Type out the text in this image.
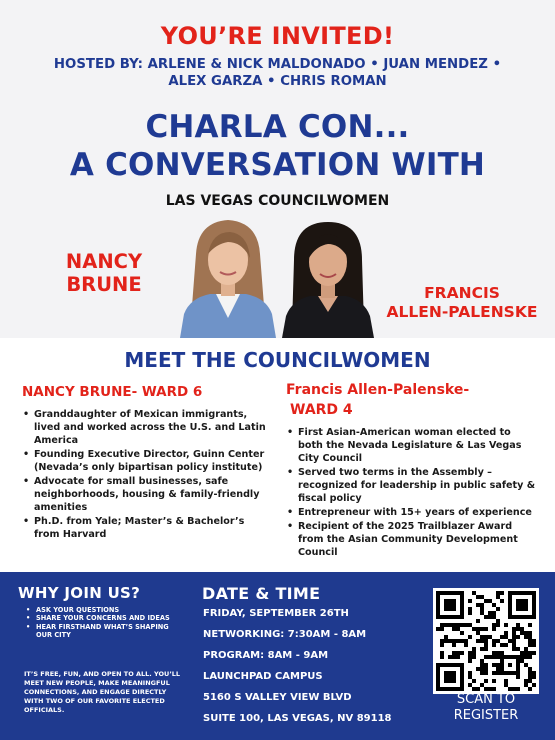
YOU’RE INVITED!
HOSTED BY: ARLENE & NICK MALDONADO • JUAN MENDEZ •
ALEX GARZA • CHRIS ROMAN
CHARLA CON...
A CONVERSATION WITH
LAS VEGAS COUNCILWOMEN
NANCY
BRUNE	FRANCIS
ALLEN-PALENSKE
MEET THE COUNCILWOMEN
NANCY BRUNE- WARD 6
• Granddaughter of Mexican immigrants, lived and worked across the U.S. and Latin America
• Founding Executive Director, Guinn Center (Nevada’s only bipartisan policy institute)
• Advocate for small businesses, safe neighborhoods, housing & family-friendly amenities
• Ph.D. from Yale; Master’s & Bachelor’s from Harvard
Francis Allen-Palenske-
WARD 4
• First Asian-American woman elected to both the Nevada Legislature & Las Vegas City Council
• Served two terms in the Assembly – recognized for leadership in public safety & fiscal policy
• Entrepreneur with 15+ years of experience
• Recipient of the 2025 Trailblazer Award from the Asian Community Development Council
WHY JOIN US?
• ASK YOUR QUESTIONS
• SHARE YOUR CONCERNS AND IDEAS
• HEAR FIRSTHAND WHAT’S SHAPING OUR CITY
IT’S FREE, FUN, AND OPEN TO ALL. YOU’LL MEET NEW PEOPLE, MAKE MEANINGFUL CONNECTIONS, AND ENGAGE DIRECTLY WITH TWO OF OUR FAVORITE ELECTED OFFICIALS.
DATE & TIME
FRIDAY, SEPTEMBER 26TH
NETWORKING: 7:30AM - 8AM
PROGRAM: 8AM - 9AM
LAUNCHPAD CAMPUS
5160 S VALLEY VIEW BLVD
SUITE 100, LAS VEGAS, NV 89118
SCAN TO
REGISTER
